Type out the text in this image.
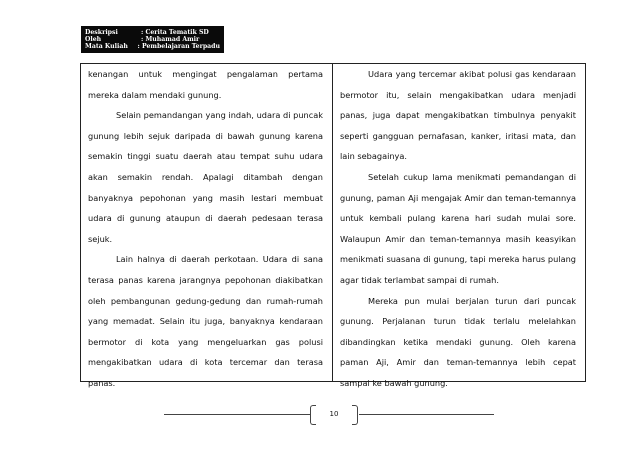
Deskripsi	: Cerita Tematik SD
Oleh	: Muhamad Amir
Mata Kuliah	: Pembelajaran Terpadu

kenangan untuk mengingat pengalaman pertama mereka dalam mendaki gunung.

Selain pemandangan yang indah, udara di puncak gunung lebih sejuk daripada di bawah gunung karena semakin tinggi suatu daerah atau tempat suhu udara akan semakin rendah. Apalagi ditambah dengan banyaknya pepohonan yang masih lestari membuat udara di gunung ataupun di daerah pedesaan terasa sejuk.

Lain halnya di daerah perkotaan. Udara di sana terasa panas karena jarangnya pepohonan diakibatkan oleh pembangunan gedung-gedung dan rumah-rumah yang memadat. Selain itu juga, banyaknya kendaraan bermotor di kota yang mengeluarkan gas polusi mengakibatkan udara di kota tercemar dan terasa panas.

Udara yang tercemar akibat polusi gas kendaraan bermotor itu, selain mengakibatkan udara menjadi panas, juga dapat mengakibatkan timbulnya penyakit seperti gangguan pernafasan, kanker, iritasi mata, dan lain sebagainya.

Setelah cukup lama menikmati pemandangan di gunung, paman Aji mengajak Amir dan teman-temannya untuk kembali pulang karena hari sudah mulai sore. Walaupun Amir dan teman-temannya masih keasyikan menikmati suasana di gunung, tapi mereka harus pulang agar tidak terlambat sampai di rumah.

Mereka pun mulai berjalan turun dari puncak gunung. Perjalanan turun tidak terlalu melelahkan dibandingkan ketika mendaki gunung. Oleh karena paman Aji, Amir dan teman-temannya lebih cepat sampai ke bawah gunung.

10
